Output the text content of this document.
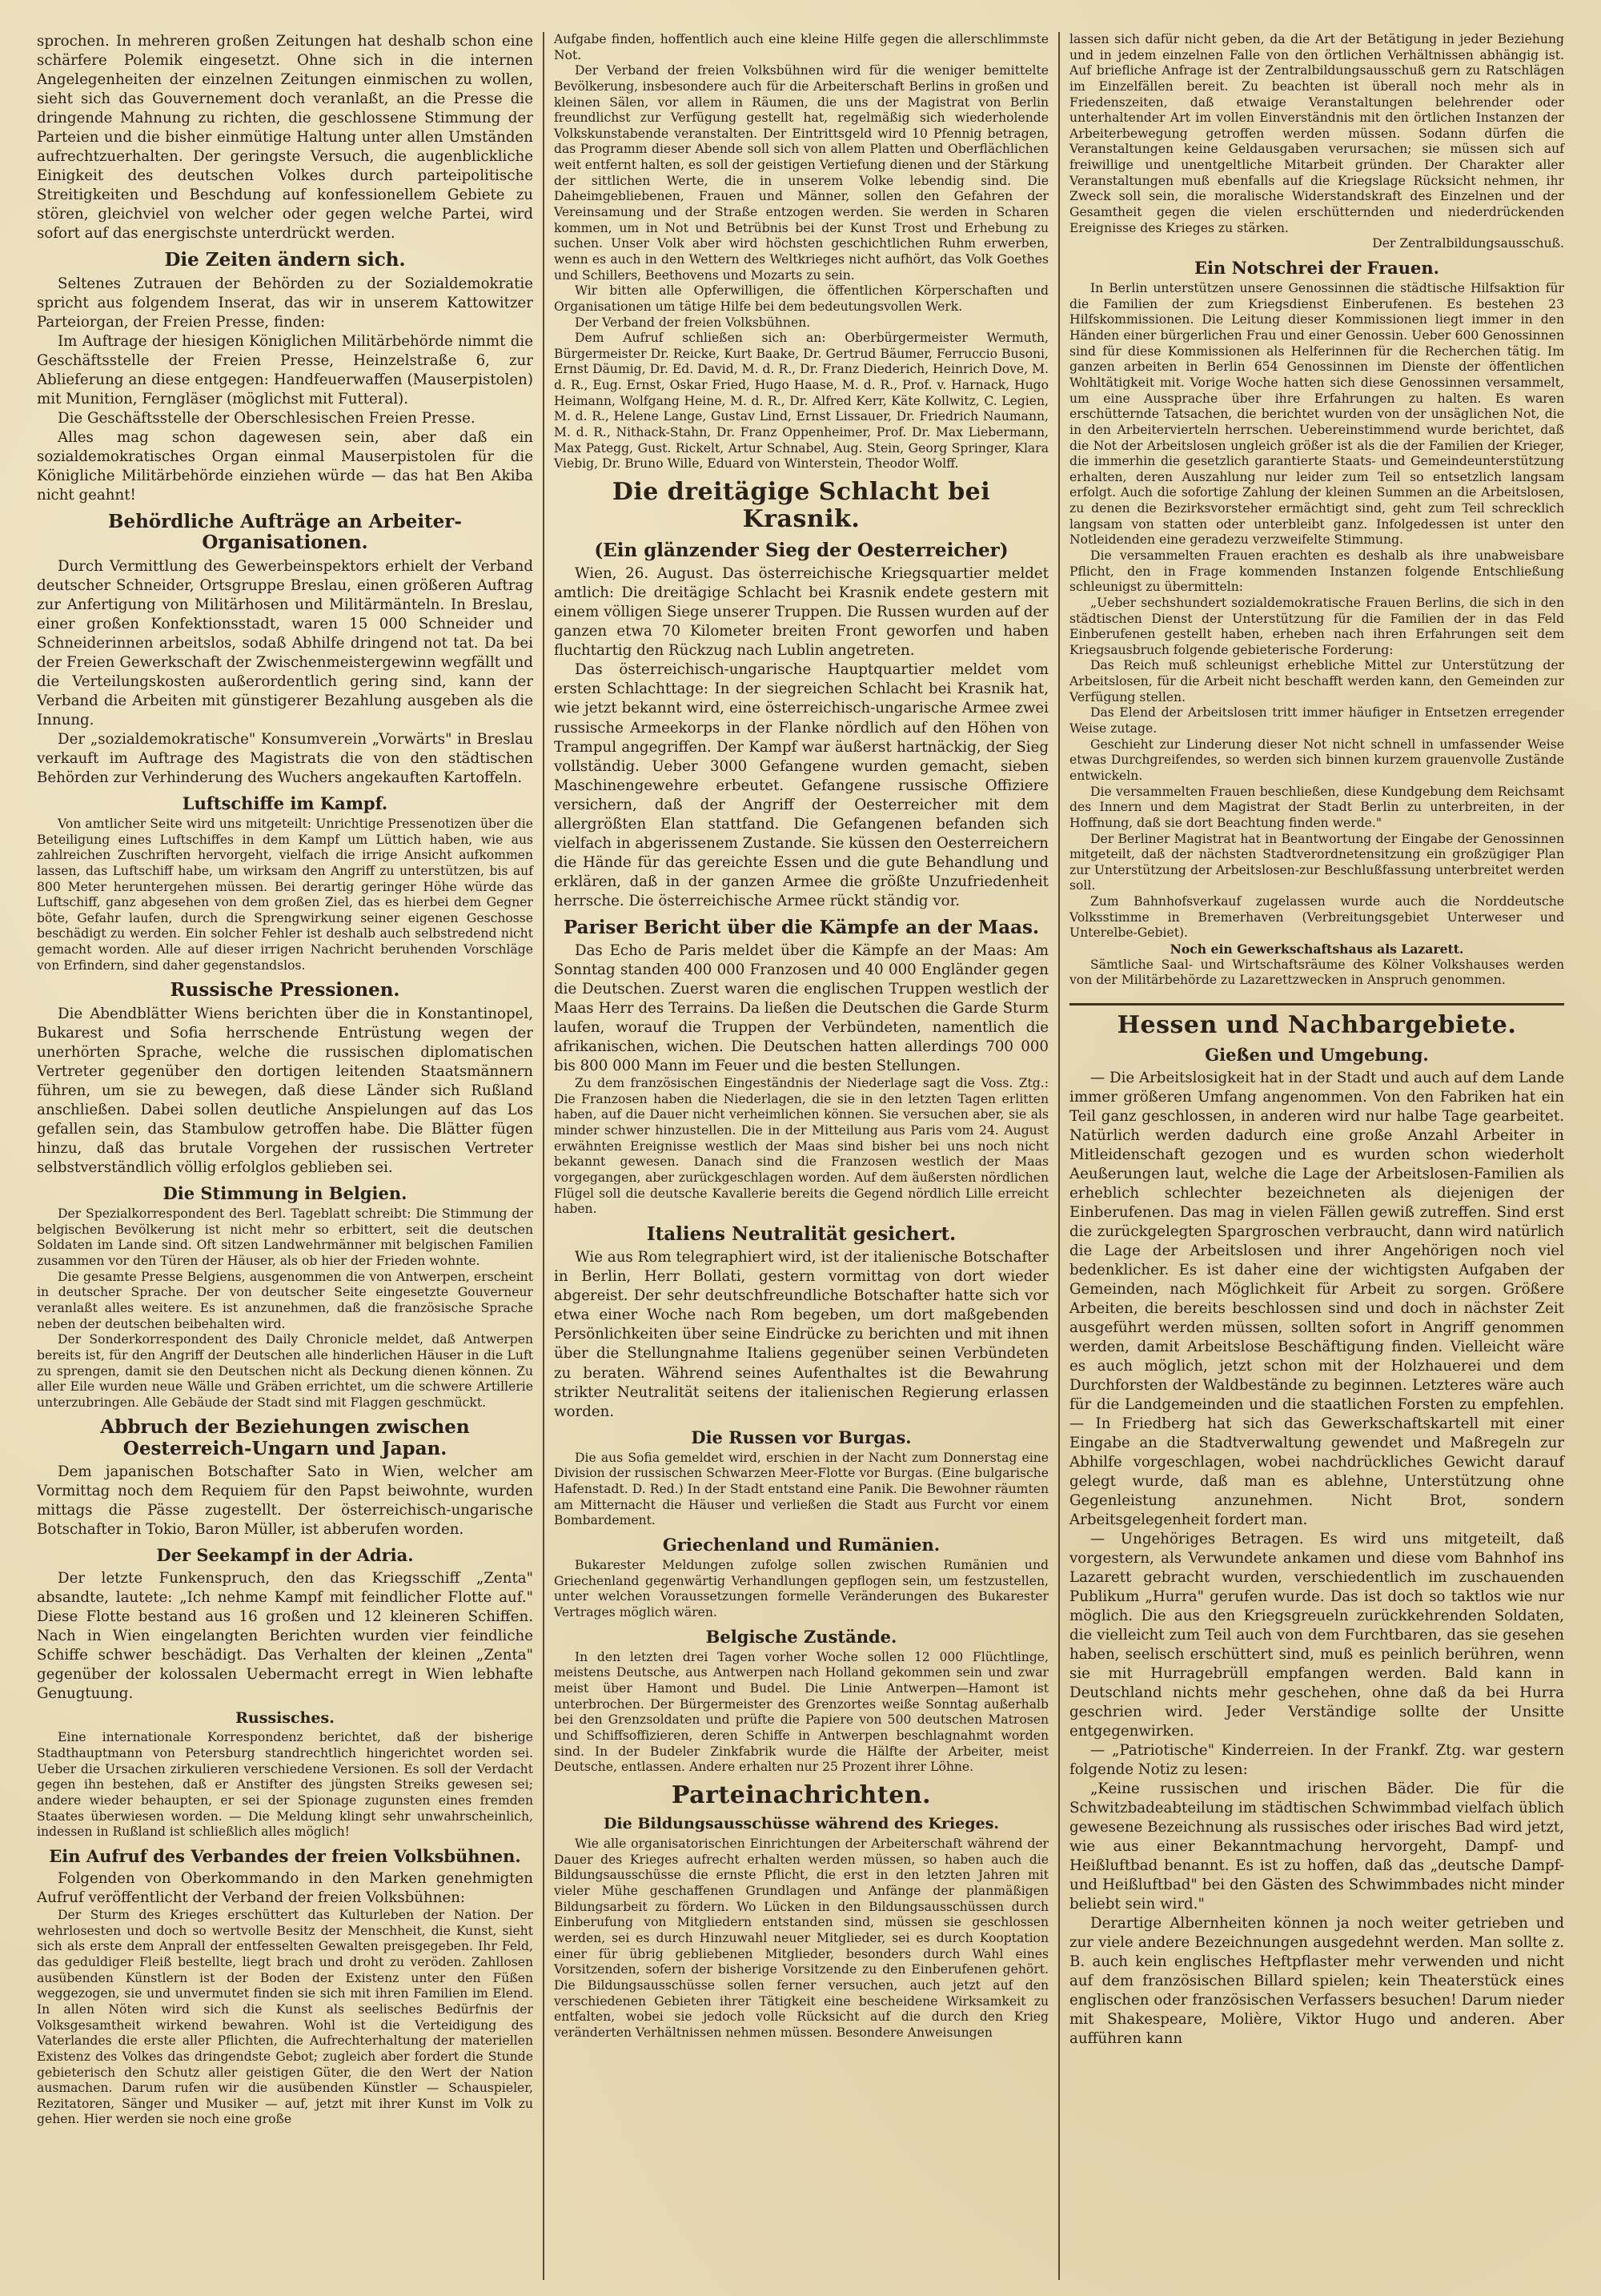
sprochen. In mehreren großen Zeitungen hat deshalb schon eine schärfere Polemik eingesetzt. Ohne sich in die internen Angelegenheiten der einzelnen Zeitungen einmischen zu wollen, sieht sich das Gouvernement doch veranlaßt, an die Presse die dringende Mahnung zu richten, die geschlossene Stimmung der Parteien und die bisher einmütige Haltung unter allen Umständen aufrechtzuerhalten. Der geringste Versuch, die augenblickliche Einigkeit des deutschen Volkes durch parteipolitische Streitigkeiten und Beschdung auf konfessionellem Gebiete zu stören, gleichviel von welcher oder gegen welche Partei, wird sofort auf das energischste unterdrückt werden.

Die Zeiten ändern sich.

Seltenes Zutrauen der Behörden zu der Sozialdemokratie spricht aus folgendem Inserat, das wir in unserem Kattowitzer Parteiorgan, der Freien Presse, finden:

Im Auftrage der hiesigen Königlichen Militärbehörde nimmt die Geschäftsstelle der Freien Presse, Heinzelstraße 6, zur Ablieferung an diese entgegen: Handfeuerwaffen (Mauserpistolen) mit Munition, Ferngläser (möglichst mit Futteral).

Die Geschäftsstelle der Oberschlesischen Freien Presse.

Alles mag schon dagewesen sein, aber daß ein sozialdemokratisches Organ einmal Mauserpistolen für die Königliche Militärbehörde einziehen würde — das hat Ben Akiba nicht geahnt!

Behördliche Aufträge an Arbeiter-Organisationen.

Durch Vermittlung des Gewerbeinspektors erhielt der Verband deutscher Schneider, Ortsgruppe Breslau, einen größeren Auftrag zur Anfertigung von Militärhosen und Militärmänteln. In Breslau, einer großen Konfektionsstadt, waren 15 000 Schneider und Schneiderinnen arbeitslos, sodaß Abhilfe dringend not tat. Da bei der Freien Gewerkschaft der Zwischenmeistergewinn wegfällt und die Verteilungskosten außerordentlich gering sind, kann der Verband die Arbeiten mit günstigerer Bezahlung ausgeben als die Innung.

Der „sozialdemokratische" Konsumverein „Vorwärts" in Breslau verkauft im Auftrage des Magistrats die von den städtischen Behörden zur Verhinderung des Wuchers angekauften Kartoffeln.

Luftschiffe im Kampf.

Von amtlicher Seite wird uns mitgeteilt: Unrichtige Pressenotizen über die Beteiligung eines Luftschiffes in dem Kampf um Lüttich haben, wie aus zahlreichen Zuschriften hervorgeht, vielfach die irrige Ansicht aufkommen lassen, das Luftschiff habe, um wirksam den Angriff zu unterstützen, bis auf 800 Meter heruntergehen müssen. Bei derartig geringer Höhe würde das Luftschiff, ganz abgesehen von dem großen Ziel, das es hierbei dem Gegner böte, Gefahr laufen, durch die Sprengwirkung seiner eigenen Geschosse beschädigt zu werden. Ein solcher Fehler ist deshalb auch selbstredend nicht gemacht worden. Alle auf dieser irrigen Nachricht beruhenden Vorschläge von Erfindern, sind daher gegenstandslos.

Russische Pressionen.

Die Abendblätter Wiens berichten über die in Konstantinopel, Bukarest und Sofia herrschende Entrüstung wegen der unerhörten Sprache, welche die russischen diplomatischen Vertreter gegenüber den dortigen leitenden Staatsmännern führen, um sie zu bewegen, daß diese Länder sich Rußland anschließen. Dabei sollen deutliche Anspielungen auf das Los gefallen sein, das Stambulow getroffen habe. Die Blätter fügen hinzu, daß das brutale Vorgehen der russischen Vertreter selbstverständlich völlig erfolglos geblieben sei.

Die Stimmung in Belgien.

Der Spezialkorrespondent des Berl. Tageblatt schreibt: Die Stimmung der belgischen Bevölkerung ist nicht mehr so erbittert, seit die deutschen Soldaten im Lande sind. Oft sitzen Landwehrmänner mit belgischen Familien zusammen vor den Türen der Häuser, als ob hier der Frieden wohnte.

Die gesamte Presse Belgiens, ausgenommen die von Antwerpen, erscheint in deutscher Sprache. Der von deutscher Seite eingesetzte Gouverneur veranlaßt alles weitere. Es ist anzunehmen, daß die französische Sprache neben der deutschen beibehalten wird.

Der Sonderkorrespondent des Daily Chronicle meldet, daß Antwerpen bereits ist, für den Angriff der Deutschen alle hinderlichen Häuser in die Luft zu sprengen, damit sie den Deutschen nicht als Deckung dienen können. Zu aller Eile wurden neue Wälle und Gräben errichtet, um die schwere Artillerie unterzubringen. Alle Gebäude der Stadt sind mit Flaggen geschmückt.

Abbruch der Beziehungen zwischen Oesterreich-Ungarn und Japan.

Dem japanischen Botschafter Sato in Wien, welcher am Vormittag noch dem Requiem für den Papst beiwohnte, wurden mittags die Pässe zugestellt. Der österreichisch-ungarische Botschafter in Tokio, Baron Müller, ist abberufen worden.

Der Seekampf in der Adria.

Der letzte Funkenspruch, den das Kriegsschiff „Zenta" absandte, lautete: „Ich nehme Kampf mit feindlicher Flotte auf." Diese Flotte bestand aus 16 großen und 12 kleineren Schiffen. Nach in Wien eingelangten Berichten wurden vier feindliche Schiffe schwer beschädigt. Das Verhalten der kleinen „Zenta" gegenüber der kolossalen Uebermacht erregt in Wien lebhafte Genugtuung.

Russisches.

Eine internationale Korrespondenz berichtet, daß der bisherige Stadthauptmann von Petersburg standrechtlich hingerichtet worden sei. Ueber die Ursachen zirkulieren verschiedene Versionen. Es soll der Verdacht gegen ihn bestehen, daß er Anstifter des jüngsten Streiks gewesen sei; andere wieder behaupten, er sei der Spionage zugunsten eines fremden Staates überwiesen worden. — Die Meldung klingt sehr unwahrscheinlich, indessen in Rußland ist schließlich alles möglich!

Ein Aufruf des Verbandes der freien Volksbühnen.

Folgenden von Oberkommando in den Marken genehmigten Aufruf veröffentlicht der Verband der freien Volksbühnen:

Der Sturm des Krieges erschüttert das Kulturleben der Nation. Der wehrlosesten und doch so wertvolle Besitz der Menschheit, die Kunst, sieht sich als erste dem Anprall der entfesselten Gewalten preisgegeben. Ihr Feld, das geduldiger Fleiß bestellte, liegt brach und droht zu veröden. Zahllosen ausübenden Künstlern ist der Boden der Existenz unter den Füßen weggezogen, sie und unvermutet finden sie sich mit ihren Familien im Elend. In allen Nöten wird sich die Kunst als seelisches Bedürfnis der Volksgesamtheit wirkend bewahren. Wohl ist die Verteidigung des Vaterlandes die erste aller Pflichten, die Aufrechterhaltung der materiellen Existenz des Volkes das dringendste Gebot; zugleich aber fordert die Stunde gebieterisch den Schutz aller geistigen Güter, die den Wert der Nation ausmachen. Darum rufen wir die ausübenden Künstler — Schauspieler, Rezitatoren, Sänger und Musiker — auf, jetzt mit ihrer Kunst im Volk zu gehen. Hier werden sie noch eine große

Aufgabe finden, hoffentlich auch eine kleine Hilfe gegen die allerschlimmste Not.

Der Verband der freien Volksbühnen wird für die weniger bemittelte Bevölkerung, insbesondere auch für die Arbeiterschaft Berlins in großen und kleinen Sälen, vor allem in Räumen, die uns der Magistrat von Berlin freundlichst zur Verfügung gestellt hat, regelmäßig sich wiederholende Volkskunstabende veranstalten. Der Eintrittsgeld wird 10 Pfennig betragen, das Programm dieser Abende soll sich von allem Platten und Oberflächlichen weit entfernt halten, es soll der geistigen Vertiefung dienen und der Stärkung der sittlichen Werte, die in unserem Volke lebendig sind. Die Daheimgebliebenen, Frauen und Männer, sollen den Gefahren der Vereinsamung und der Straße entzogen werden. Sie werden in Scharen kommen, um in Not und Betrübnis bei der Kunst Trost und Erhebung zu suchen. Unser Volk aber wird höchsten geschichtlichen Ruhm erwerben, wenn es auch in den Wettern des Weltkrieges nicht aufhört, das Volk Goethes und Schillers, Beethovens und Mozarts zu sein.

Wir bitten alle Opferwilligen, die öffentlichen Körperschaften und Organisationen um tätige Hilfe bei dem bedeutungsvollen Werk.

Der Verband der freien Volksbühnen.

Dem Aufruf schließen sich an: Oberbürgermeister Wermuth, Bürgermeister Dr. Reicke, Kurt Baake, Dr. Gertrud Bäumer, Ferruccio Busoni, Ernst Däumig, Dr. Ed. David, M. d. R., Dr. Franz Diederich, Heinrich Dove, M. d. R., Eug. Ernst, Oskar Fried, Hugo Haase, M. d. R., Prof. v. Harnack, Hugo Heimann, Wolfgang Heine, M. d. R., Dr. Alfred Kerr, Käte Kollwitz, C. Legien, M. d. R., Helene Lange, Gustav Lind, Ernst Lissauer, Dr. Friedrich Naumann, M. d. R., Nithack-Stahn, Dr. Franz Oppenheimer, Prof. Dr. Max Liebermann, Max Pategg, Gust. Rickelt, Artur Schnabel, Aug. Stein, Georg Springer, Klara Viebig, Dr. Bruno Wille, Eduard von Winterstein, Theodor Wolff.

Die dreitägige Schlacht bei Krasnik.
(Ein glänzender Sieg der Oesterreicher)

Wien, 26. August. Das österreichische Kriegsquartier meldet amtlich: Die dreitägige Schlacht bei Krasnik endete gestern mit einem völligen Siege unserer Truppen. Die Russen wurden auf der ganzen etwa 70 Kilometer breiten Front geworfen und haben fluchtartig den Rückzug nach Lublin angetreten.

Das österreichisch-ungarische Hauptquartier meldet vom ersten Schlachttage: In der siegreichen Schlacht bei Krasnik hat, wie jetzt bekannt wird, eine österreichisch-ungarische Armee zwei russische Armeekorps in der Flanke nördlich auf den Höhen von Trampul angegriffen. Der Kampf war äußerst hartnäckig, der Sieg vollständig. Ueber 3000 Gefangene wurden gemacht, sieben Maschinengewehre erbeutet. Gefangene russische Offiziere versichern, daß der Angriff der Oesterreicher mit dem allergrößten Elan stattfand. Die Gefangenen befanden sich vielfach in abgerissenem Zustande. Sie küssen den Oesterreichern die Hände für das gereichte Essen und die gute Behandlung und erklären, daß in der ganzen Armee die größte Unzufriedenheit herrsche. Die österreichische Armee rückt ständig vor.

Pariser Bericht über die Kämpfe an der Maas.

Das Echo de Paris meldet über die Kämpfe an der Maas: Am Sonntag standen 400 000 Franzosen und 40 000 Engländer gegen die Deutschen. Zuerst waren die englischen Truppen westlich der Maas Herr des Terrains. Da ließen die Deutschen die Garde Sturm laufen, worauf die Truppen der Verbündeten, namentlich die afrikanischen, wichen. Die Deutschen hatten allerdings 700 000 bis 800 000 Mann im Feuer und die besten Stellungen.

Zu dem französischen Eingeständnis der Niederlage sagt die Voss. Ztg.: Die Franzosen haben die Niederlagen, die sie in den letzten Tagen erlitten haben, auf die Dauer nicht verheimlichen können. Sie versuchen aber, sie als minder schwer hinzustellen. Die in der Mitteilung aus Paris vom 24. August erwähnten Ereignisse westlich der Maas sind bisher bei uns noch nicht bekannt gewesen. Danach sind die Franzosen westlich der Maas vorgegangen, aber zurückgeschlagen worden. Auf dem äußersten nördlichen Flügel soll die deutsche Kavallerie bereits die Gegend nördlich Lille erreicht haben.

Italiens Neutralität gesichert.

Wie aus Rom telegraphiert wird, ist der italienische Botschafter in Berlin, Herr Bollati, gestern vormittag von dort wieder abgereist. Der sehr deutschfreundliche Botschafter hatte sich vor etwa einer Woche nach Rom begeben, um dort maßgebenden Persönlichkeiten über seine Eindrücke zu berichten und mit ihnen über die Stellungnahme Italiens gegenüber seinen Verbündeten zu beraten. Während seines Aufenthaltes ist die Bewahrung strikter Neutralität seitens der italienischen Regierung erlassen worden.

Die Russen vor Burgas.

Die aus Sofia gemeldet wird, erschien in der Nacht zum Donnerstag eine Division der russischen Schwarzen Meer-Flotte vor Burgas. (Eine bulgarische Hafenstadt. D. Red.) In der Stadt entstand eine Panik. Die Bewohner räumten am Mitternacht die Häuser und verließen die Stadt aus Furcht vor einem Bombardement.

Griechenland und Rumänien.

Bukarester Meldungen zufolge sollen zwischen Rumänien und Griechenland gegenwärtig Verhandlungen gepflogen sein, um festzustellen, unter welchen Voraussetzungen formelle Veränderungen des Bukarester Vertrages möglich wären.

Belgische Zustände.

In den letzten drei Tagen vorher Woche sollen 12 000 Flüchtlinge, meistens Deutsche, aus Antwerpen nach Holland gekommen sein und zwar meist über Hamont und Budel. Die Linie Antwerpen—Hamont ist unterbrochen. Der Bürgermeister des Grenzortes weiße Sonntag außerhalb bei den Grenzsoldaten und prüfte die Papiere von 500 deutschen Matrosen und Schiffsoffizieren, deren Schiffe in Antwerpen beschlagnahmt worden sind. In der Budeler Zinkfabrik wurde die Hälfte der Arbeiter, meist Deutsche, entlassen. Andere erhalten nur 25 Prozent ihrer Löhne.

Parteinachrichten.
Die Bildungsausschüsse während des Krieges.

Wie alle organisatorischen Einrichtungen der Arbeiterschaft während der Dauer des Krieges aufrecht erhalten werden müssen, so haben auch die Bildungsausschüsse die ernste Pflicht, die erst in den letzten Jahren mit vieler Mühe geschaffenen Grundlagen und Anfänge der planmäßigen Bildungsarbeit zu fördern. Wo Lücken in den Bildungsausschüssen durch Einberufung von Mitgliedern entstanden sind, müssen sie geschlossen werden, sei es durch Hinzuwahl neuer Mitglieder, sei es durch Kooptation einer für übrig gebliebenen Mitglieder, besonders durch Wahl eines Vorsitzenden, sofern der bisherige Vorsitzende zu den Einberufenen gehört. Die Bildungsausschüsse sollen ferner versuchen, auch jetzt auf den verschiedenen Gebieten ihrer Tätigkeit eine bescheidene Wirksamkeit zu entfalten, wobei sie jedoch volle Rücksicht auf die durch den Krieg veränderten Verhältnissen nehmen müssen. Besondere Anweisungen

lassen sich dafür nicht geben, da die Art der Betätigung in jeder Beziehung und in jedem einzelnen Falle von den örtlichen Verhältnissen abhängig ist. Auf briefliche Anfrage ist der Zentralbildungsausschuß gern zu Ratschlägen im Einzelfällen bereit. Zu beachten ist überall noch mehr als in Friedenszeiten, daß etwaige Veranstaltungen belehrender oder unterhaltender Art im vollen Einverständnis mit den örtlichen Instanzen der Arbeiterbewegung getroffen werden müssen. Sodann dürfen die Veranstaltungen keine Geldausgaben verursachen; sie müssen sich auf freiwillige und unentgeltliche Mitarbeit gründen. Der Charakter aller Veranstaltungen muß ebenfalls auf die Kriegslage Rücksicht nehmen, ihr Zweck soll sein, die moralische Widerstandskraft des Einzelnen und der Gesamtheit gegen die vielen erschütternden und niederdrückenden Ereignisse des Krieges zu stärken.

Der Zentralbildungsausschuß.

Ein Notschrei der Frauen.

In Berlin unterstützen unsere Genossinnen die städtische Hilfsaktion für die Familien der zum Kriegsdienst Einberufenen. Es bestehen 23 Hilfskommissionen. Die Leitung dieser Kommissionen liegt immer in den Händen einer bürgerlichen Frau und einer Genossin. Ueber 600 Genossinnen sind für diese Kommissionen als Helferinnen für die Recherchen tätig. Im ganzen arbeiten in Berlin 654 Genossinnen im Dienste der öffentlichen Wohltätigkeit mit. Vorige Woche hatten sich diese Genossinnen versammelt, um eine Aussprache über ihre Erfahrungen zu halten. Es waren erschütternde Tatsachen, die berichtet wurden von der unsäglichen Not, die in den Arbeitervierteln herrschen. Uebereinstimmend wurde berichtet, daß die Not der Arbeitslosen ungleich größer ist als die der Familien der Krieger, die immerhin die gesetzlich garantierte Staats- und Gemeindeunterstützung erhalten, deren Auszahlung nur leider zum Teil so entsetzlich langsam erfolgt. Auch die sofortige Zahlung der kleinen Summen an die Arbeitslosen, zu denen die Bezirksvorsteher ermächtigt sind, geht zum Teil schrecklich langsam von statten oder unterbleibt ganz. Infolgedessen ist unter den Notleidenden eine geradezu verzweifelte Stimmung.

Die versammelten Frauen erachten es deshalb als ihre unabweisbare Pflicht, den in Frage kommenden Instanzen folgende Entschließung schleunigst zu übermitteln:

„Ueber sechshundert sozialdemokratische Frauen Berlins, die sich in den städtischen Dienst der Unterstützung für die Familien der in das Feld Einberufenen gestellt haben, erheben nach ihren Erfahrungen seit dem Kriegsausbruch folgende gebieterische Forderung:

Das Reich muß schleunigst erhebliche Mittel zur Unterstützung der Arbeitslosen, für die Arbeit nicht beschafft werden kann, den Gemeinden zur Verfügung stellen.

Das Elend der Arbeitslosen tritt immer häufiger in Entsetzen erregender Weise zutage.

Geschieht zur Linderung dieser Not nicht schnell in umfassender Weise etwas Durchgreifendes, so werden sich binnen kurzem grauenvolle Zustände entwickeln.

Die versammelten Frauen beschließen, diese Kundgebung dem Reichsamt des Innern und dem Magistrat der Stadt Berlin zu unterbreiten, in der Hoffnung, daß sie dort Beachtung finden werde."

Der Berliner Magistrat hat in Beantwortung der Eingabe der Genossinnen mitgeteilt, daß der nächsten Stadtverordnetensitzung ein großzügiger Plan zur Unterstützung der Arbeitslosen-zur Beschlußfassung unterbreitet werden soll.

Zum Bahnhofsverkauf zugelassen wurde auch die Norddeutsche Volksstimme in Bremerhaven (Verbreitungsgebiet Unterweser und Unterelbe-Gebiet).

Noch ein Gewerkschaftshaus als Lazarett.

Sämtliche Saal- und Wirtschaftsräume des Kölner Volkshauses werden von der Militärbehörde zu Lazarettzwecken in Anspruch genommen.

Hessen und Nachbargebiete.
Gießen und Umgebung.

— Die Arbeitslosigkeit hat in der Stadt und auch auf dem Lande immer größeren Umfang angenommen. Von den Fabriken hat ein Teil ganz geschlossen, in anderen wird nur halbe Tage gearbeitet. Natürlich werden dadurch eine große Anzahl Arbeiter in Mitleidenschaft gezogen und es wurden schon wiederholt Aeußerungen laut, welche die Lage der Arbeitslosen-Familien als erheblich schlechter bezeichneten als diejenigen der Einberufenen. Das mag in vielen Fällen gewiß zutreffen. Sind erst die zurückgelegten Spargroschen verbraucht, dann wird natürlich die Lage der Arbeitslosen und ihrer Angehörigen noch viel bedenklicher. Es ist daher eine der wichtigsten Aufgaben der Gemeinden, nach Möglichkeit für Arbeit zu sorgen. Größere Arbeiten, die bereits beschlossen sind und doch in nächster Zeit ausgeführt werden müssen, sollten sofort in Angriff genommen werden, damit Arbeitslose Beschäftigung finden. Vielleicht wäre es auch möglich, jetzt schon mit der Holzhauerei und dem Durchforsten der Waldbestände zu beginnen. Letzteres wäre auch für die Landgemeinden und die staatlichen Forsten zu empfehlen. — In Friedberg hat sich das Gewerkschaftskartell mit einer Eingabe an die Stadtverwaltung gewendet und Maßregeln zur Abhilfe vorgeschlagen, wobei nachdrückliches Gewicht darauf gelegt wurde, daß man es ablehne, Unterstützung ohne Gegenleistung anzunehmen. Nicht Brot, sondern Arbeitsgelegenheit fordert man.

— Ungehöriges Betragen. Es wird uns mitgeteilt, daß vorgestern, als Verwundete ankamen und diese vom Bahnhof ins Lazarett gebracht wurden, verschiedentlich im zuschauenden Publikum „Hurra" gerufen wurde. Das ist doch so taktlos wie nur möglich. Die aus den Kriegsgreueln zurückkehrenden Soldaten, die vielleicht zum Teil auch von dem Furchtbaren, das sie gesehen haben, seelisch erschüttert sind, muß es peinlich berühren, wenn sie mit Hurragebrüll empfangen werden. Bald kann in Deutschland nichts mehr geschehen, ohne daß da bei Hurra geschrien wird. Jeder Verständige sollte der Unsitte entgegenwirken.

— „Patriotische" Kinderreien. In der Frankf. Ztg. war gestern folgende Notiz zu lesen:

„Keine russischen und irischen Bäder. Die für die Schwitzbadeabteilung im städtischen Schwimmbad vielfach üblich gewesene Bezeichnung als russisches oder irisches Bad wird jetzt, wie aus einer Bekanntmachung hervorgeht, Dampf- und Heißluftbad benannt. Es ist zu hoffen, daß das „deutsche Dampf- und Heißluftbad" bei den Gästen des Schwimmbades nicht minder beliebt sein wird."

Derartige Albernheiten können ja noch weiter getrieben und zur viele andere Bezeichnungen ausgedehnt werden. Man sollte z. B. auch kein englisches Heftpflaster mehr verwenden und nicht auf dem französischen Billard spielen; kein Theaterstück eines englischen oder französischen Verfassers besuchen! Darum nieder mit Shakespeare, Molière, Viktor Hugo und anderen. Aber aufführen kann
